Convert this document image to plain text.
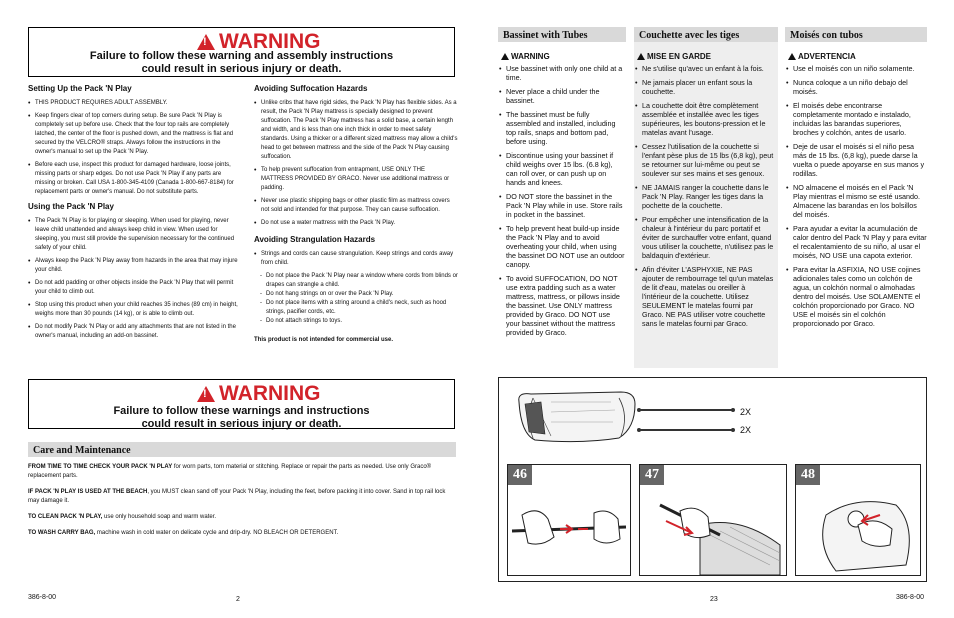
!
WARNING
Failure to follow these warning and assembly instructions
could result in serious injury or death.
Setting Up the Pack 'N Play
• THIS PRODUCT REQUIRES ADULT ASSEMBLY.
• Keep fingers clear of top corners during setup. Be sure Pack 'N Play is completely set up before use. Check that the four top rails are completely latched, the center of the floor is pushed down, and the mattress is flat and secured by the VELCRO® straps. Always follow the instructions in the owner's manual to set up the Pack 'N Play.
• Before each use, inspect this product for damaged hardware, loose joints, missing parts or sharp edges. Do not use Pack 'N Play if any parts are missing or broken. Call USA 1-800-345-4109 (Canada 1-800-667-8184) for replacement parts or owner's manual. Do not substitute parts.
Using the Pack 'N Play
• The Pack 'N Play is for playing or sleeping. When used for playing, never leave child unattended and always keep child in view. When used for sleeping, you must still provide the supervision necessary for the continued safety of your child.
• Always keep the Pack 'N Play away from hazards in the area that may injure your child.
• Do not add padding or other objects inside the Pack 'N Play that will permit your child to climb out.
• Stop using this product when your child reaches 35 inches (89 cm) in height, weighs more than 30 pounds (14 kg), or is able to climb out.
• Do not modify Pack 'N Play or add any attachments that are not listed in the owner's manual, including an add-on bassinet.
Avoiding Suffocation Hazards
• Unlike cribs that have rigid sides, the Pack 'N Play has flexible sides. As a result, the Pack 'N Play mattress is specially designed to prevent suffocation. The Pack 'N Play mattress has a solid base, a certain length and width, and is less than one inch thick in order to meet safety standards. Using a thicker or a different sized mattress may allow a child's head to get between mattress and the side of the Pack 'N Play causing suffocation.
• To help prevent suffocation from entrapment, USE ONLY THE MATTRESS PROVIDED BY GRACO. Never use additional mattress or padding.
• Never use plastic shipping bags or other plastic film as mattress covers not sold and intended for that purpose. They can cause suffocation.
• Do not use a water mattress with the Pack 'N Play.
Avoiding Strangulation Hazards
• Strings and cords can cause strangulation. Keep strings and cords away from child.
- Do not place the Pack 'N Play near a window where cords from blinds or drapes can strangle a child.
- Do not hang strings on or over the Pack 'N Play.
- Do not place items with a string around a child's neck, such as hood strings, pacifier cords, etc.
- Do not attach strings to toys.
This product is not intended for commercial use.
!
WARNING
Failure to follow these warnings and instructions
could result in serious injury or death.
Care and Maintenance

FROM TIME TO TIME CHECK YOUR PACK 'N PLAY for worn parts, torn material or stitching. Replace or repair the parts as needed. Use only Graco® replacement parts.

IF PACK 'N PLAY IS USED AT THE BEACH, you MUST clean sand off your Pack 'N Play, including the feet, before packing it into cover. Sand in top rail lock may damage it.

TO CLEAN PACK 'N PLAY, use only household soap and warm water.

TO WASH CARRY BAG, machine wash in cold water on delicate cycle and drip-dry. NO BLEACH OR DETERGENT.

386-8-00	2
Bassinet with Tubes
WARNING
• Use bassinet with only one child at a time.
• Never place a child under the bassinet.
• The bassinet must be fully assembled and installed, including top rails, snaps and bottom pad, before using.
• Discontinue using your bassinet if child weighs over 15 lbs. (6.8 kg), can roll over, or can push up on hands and knees.
• DO NOT store the bassinet in the Pack 'N Play while in use. Store rails in pocket in the bassinet.
• To help prevent heat build-up inside the Pack 'N Play and to avoid overheating your child, when using the bassinet DO NOT use an outdoor canopy.
• To avoid SUFFOCATION, DO NOT use extra padding such as a water mattress, mattress, or pillows inside the bassinet. Use ONLY mattress provided by Graco. DO NOT use your bassinet without the mattress provided by Graco.
Couchette avec les tiges
MISE EN GARDE
• Ne s'utilise qu'avec un enfant à la fois.
• Ne jamais placer un enfant sous la couchette.
• La couchette doit être complètement assemblée et installée avec les tiges supérieures, les boutons-pression et le matelas avant l'usage.
• Cessez l'utilisation de la couchette si l'enfant pèse plus de 15 lbs (6,8 kg), peut se retourner sur lui-même ou peut se soulever sur ses mains et ses genoux.
• NE JAMAIS ranger la couchette dans le Pack 'N Play. Ranger les tiges dans la pochette de la couchette.
• Pour empêcher une intensification de la chaleur à l'intérieur du parc portatif et éviter de surchauffer votre enfant, quand vous utiliser la couchette, n'utilisez pas le baldaquin d'extérieur.
• Afin d'éviter L'ASPHYXIE, NE PAS ajouter de rembourrage tel qu'un matelas de lit d'eau, matelas ou oreiller à l'intérieur de la couchette. Utilisez SEULEMENT le matelas fourni par Graco. NE PAS utiliser votre couchette sans le matelas fourni par Graco.
Moisés con tubos
ADVERTENCIA
• Use el moisés con un niño solamente.
• Nunca coloque a un niño debajo del moisés.
• El moisés debe encontrarse completamente montado e instalado, incluidas las barandas superiores, broches y colchón, antes de usarlo.
• Deje de usar el moisés si el niño pesa más de 15 lbs. (6,8 kg), puede darse la vuelta o puede apoyarse en sus manos y rodillas.
• NO almacene el moisés en el Pack 'N Play mientras el mismo se esté usando. Almacene las barandas en los bolsillos del moisés.
• Para ayudar a evitar la acumulación de calor dentro del Pack 'N Play y para evitar el recalentamiento de su niño, al usar el moisés, NO USE una capota exterior.
• Para evitar la ASFIXIA, NO USE cojines adicionales tales como un colchón de agua, un colchón normal o almohadas dentro del moisés. Use SOLAMENTE el colchón proporcionado por Graco. NO USE el moisés sin el colchón proporcionado por Graco.
2X
2X
46	47	48
23	386-8-00
